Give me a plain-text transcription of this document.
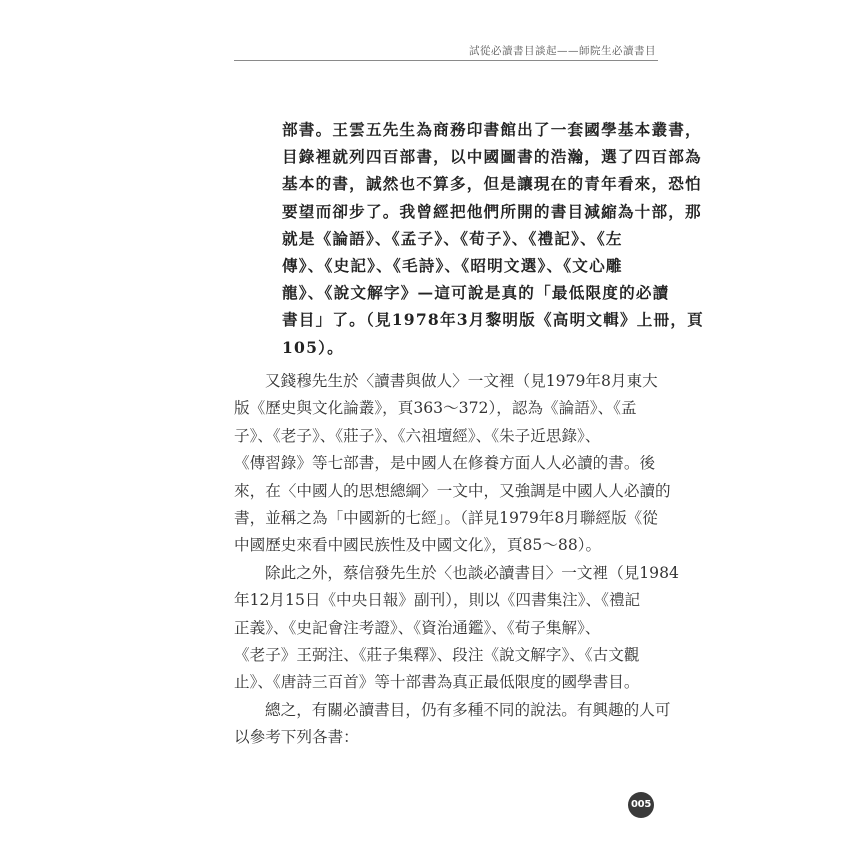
試從必讀書目談起——師院生必讀書目

部書。王雲五先生為商務印書館出了一套國學基本叢書，

目錄裡就列四百部書，以中國圖書的浩瀚，選了四百部為

基本的書，誠然也不算多，但是讓現在的青年看來，恐怕

要望而卻步了。我曾經把他們所開的書目減縮為十部，那

就是《論語》、《孟子》、《荀子》、《禮記》、《左

傳》、《史記》、《毛詩》、《昭明文選》、《文心雕

龍》、《說文解字》—這可說是真的「最低限度的必讀

書目」了。（見1978年3月黎明版《高明文輯》上冊，頁

105）。

又錢穆先生於〈讀書與做人〉一文裡（見1979年8月東大

版《歷史與文化論叢》，頁363～372），認為《論語》、《孟

子》、《老子》、《莊子》、《六祖壇經》、《朱子近思錄》、

《傳習錄》等七部書，是中國人在修養方面人人必讀的書。後

來，在〈中國人的思想總綱〉一文中，又強調是中國人人必讀的

書，並稱之為「中國新的七經」。（詳見1979年8月聯經版《從

中國歷史來看中國民族性及中國文化》，頁85～88）。

除此之外，蔡信發先生於〈也談必讀書目〉一文裡（見1984

年12月15日《中央日報》副刊），則以《四書集注》、《禮記

正義》、《史記會注考證》、《資治通鑑》、《荀子集解》、

《老子》王弼注、《莊子集釋》、段注《說文解字》、《古文觀

止》、《唐詩三百首》等十部書為真正最低限度的國學書目。

總之，有關必讀書目，仍有多種不同的說法。有興趣的人可

以參考下列各書：

005
